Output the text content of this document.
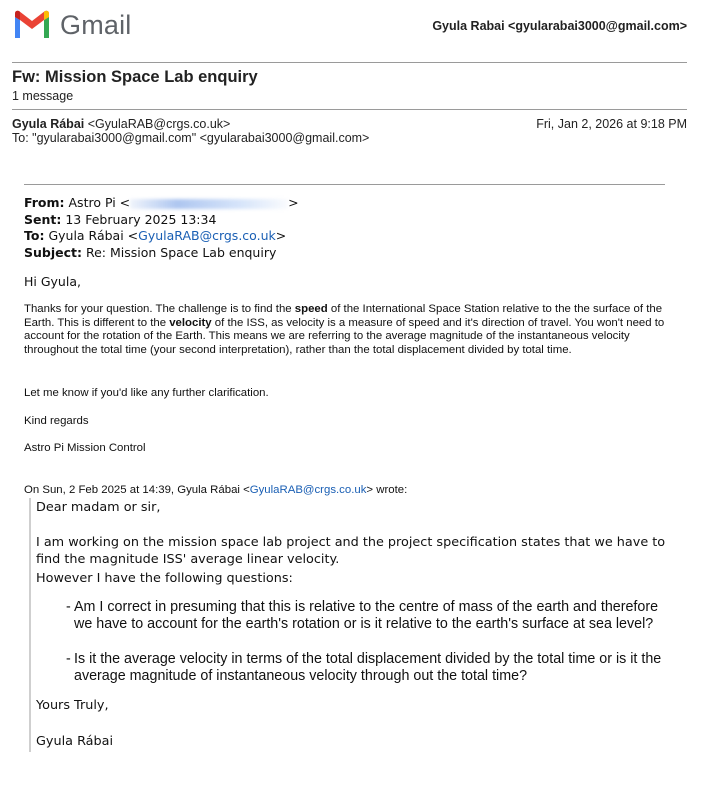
Gmail	Gyula Rabai <gyularabai3000@gmail.com>
Fw: Mission Space Lab enquiry
1 message
Gyula Rábai <GyulaRAB@crgs.co.uk>	Fri, Jan 2, 2026 at 9:18 PM
To: "gyularabai3000@gmail.com" <gyularabai3000@gmail.com>
From: Astro Pi <	>
Sent: 13 February 2025 13:34
To: Gyula Rábai <GyulaRAB@crgs.co.uk>
Subject: Re: Mission Space Lab enquiry
Hi Gyula,
Thanks for your question. The challenge is to find the speed of the International Space Station relative to the the surface of the Earth. This is different to the velocity of the ISS, as velocity is a measure of speed and it's direction of travel. You won't need to account for the rotation of the Earth. This means we are referring to the average magnitude of the instantaneous velocity throughout the total time (your second interpretation), rather than the total displacement divided by total time.
Let me know if you'd like any further clarification.
Kind regards
Astro Pi Mission Control
On Sun, 2 Feb 2025 at 14:39, Gyula Rábai <GyulaRAB@crgs.co.uk> wrote:
Dear madam or sir,
I am working on the mission space lab project and the project specification states that we have to find the magnitude ISS' average linear velocity.
However I have the following questions:
- Am I correct in presuming that this is relative to the centre of mass of the earth and therefore we have to account for the earth's rotation or is it relative to the earth's surface at sea level?
- Is it the average velocity in terms of the total displacement divided by the total time or is it the average magnitude of instantaneous velocity through out the total time?
Yours Truly,
Gyula Rábai
